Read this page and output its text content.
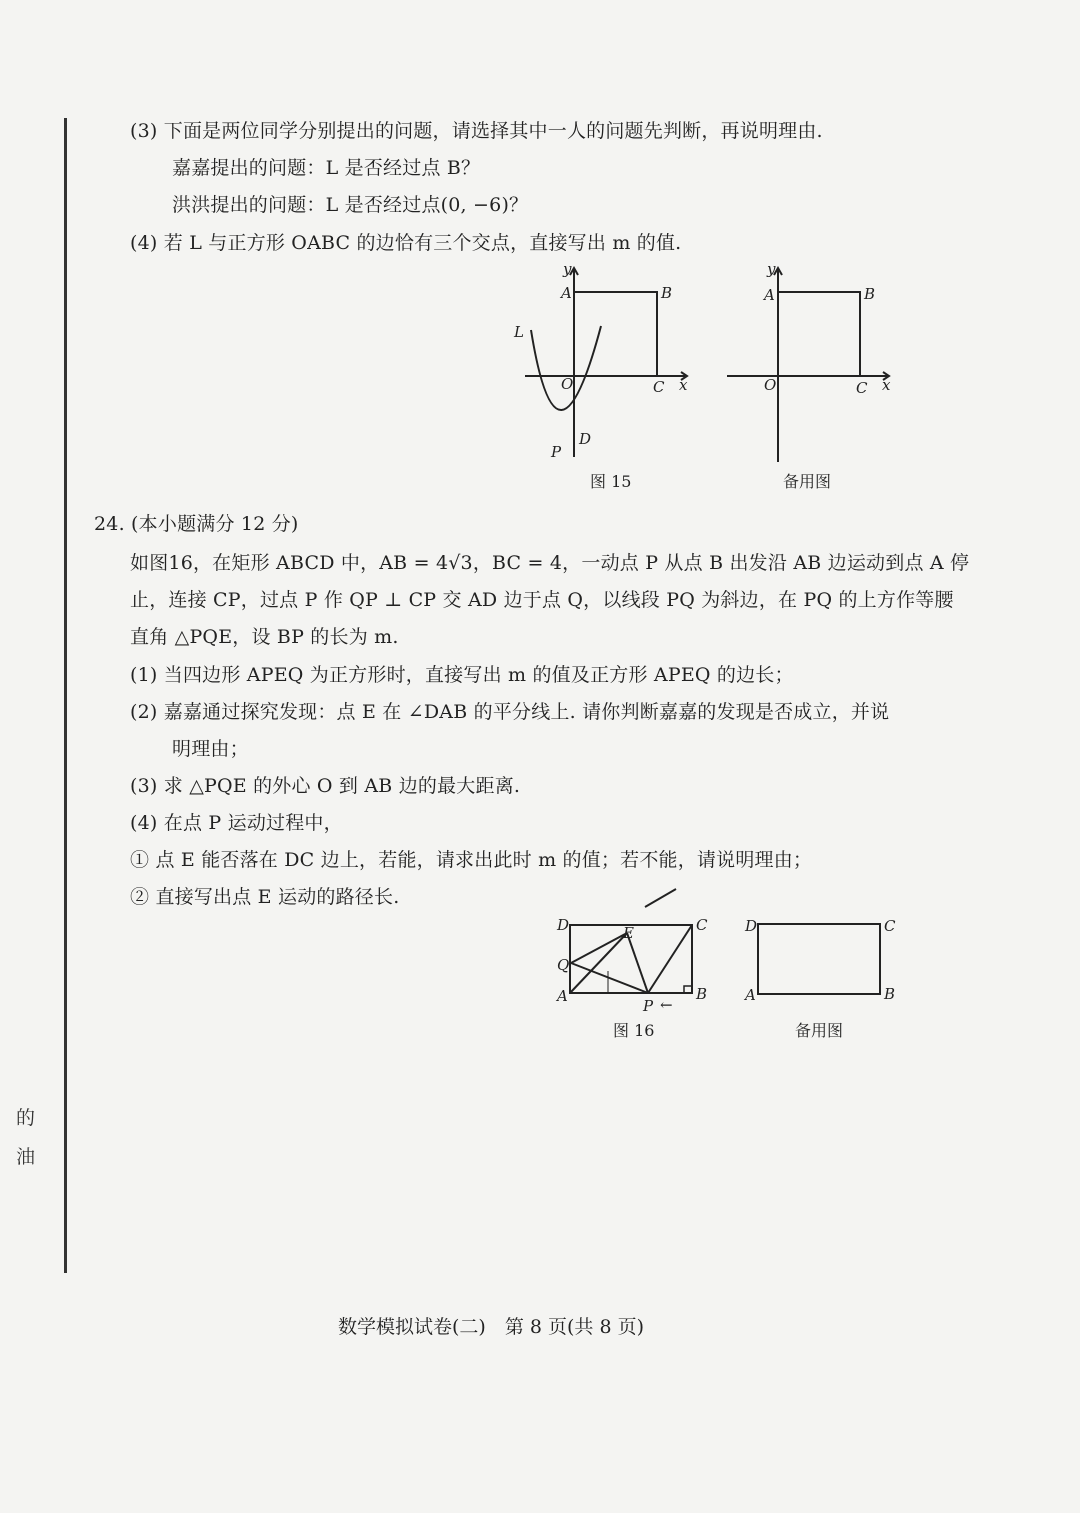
的
油
(3) 下面是两位同学分别提出的问题，请选择其中一人的问题先判断，再说明理由.
嘉嘉提出的问题：L 是否经过点 B？
洪洪提出的问题：L 是否经过点(0, −6)？
(4) 若 L 与正方形 OABC 的边恰有三个交点，直接写出 m 的值.
y
A	B
L
O	C x
D
P
图 15
y
A	B
O	C x
备用图
24. (本小题满分 12 分)
如图16，在矩形 ABCD 中，AB = 4√3，BC = 4，一动点 P 从点 B 出发沿 AB 边运动到点 A 停
止，连接 CP，过点 P 作 QP ⊥ CP 交 AD 边于点 Q，以线段 PQ 为斜边，在 PQ 的上方作等腰
直角 △PQE，设 BP 的长为 m.
(1) 当四边形 APEQ 为正方形时，直接写出 m 的值及正方形 APEQ 的边长；
(2) 嘉嘉通过探究发现：点 E 在 ∠DAB 的平分线上. 请你判断嘉嘉的发现是否成立，并说
明理由；
(3) 求 △PQE 的外心 O 到 AB 边的最大距离.
(4) 在点 P 运动过程中，
① 点 E 能否落在 DC 边上，若能，请求出此时 m 的值；若不能，请说明理由；
② 直接写出点 E 运动的路径长.
D	C
E
Q
A
P ←
B
图 16
D	C
A	B
备用图
数学模拟试卷(二)　第 8 页(共 8 页)
